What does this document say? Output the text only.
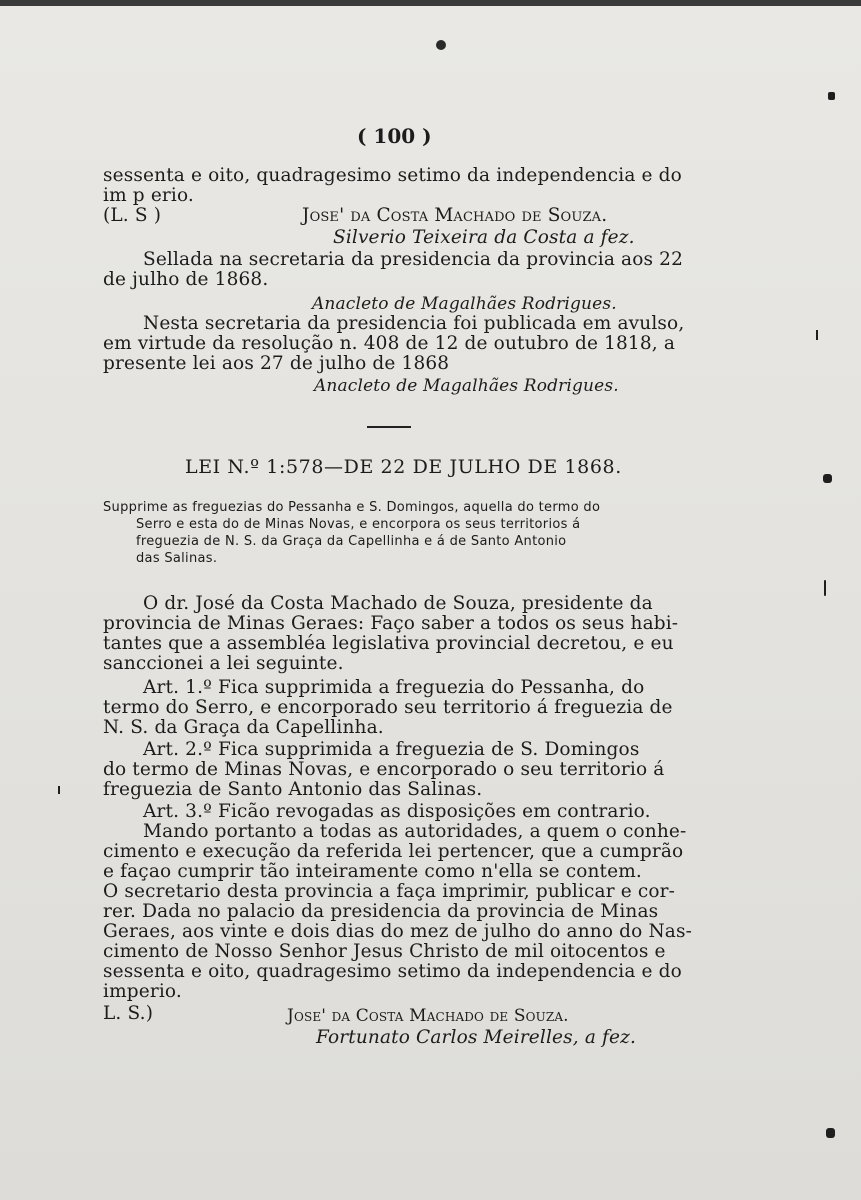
( 100 )
sessenta e oito, quadragesimo setimo da independencia e do
im p erio.
(L. S )	Jose' da Costa Machado de Souza.
Silverio Teixeira da Costa a fez.
Sellada na secretaria da presidencia da provincia aos 22
de julho de 1868.
Anacleto de Magalhães Rodrigues.
Nesta secretaria da presidencia foi publicada em avulso,
em virtude da resolução n. 408 de 12 de outubro de 1818, a
presente lei aos 27 de julho de 1868
Anacleto de Magalhães Rodrigues.
LEI N.º 1:578—DE 22 DE JULHO DE 1868.
Supprime as freguezias do Pessanha e S. Domingos, aquella do termo do
Serro e esta do de Minas Novas, e encorpora os seus territorios á
freguezia de N. S. da Graça da Capellinha e á de Santo Antonio
das Salinas.
O dr. José da Costa Machado de Souza, presidente da
provincia de Minas Geraes: Faço saber a todos os seus habi-
tantes que a assembléa legislativa provincial decretou, e eu
sanccionei a lei seguinte.
Art. 1.º Fica supprimida a freguezia do Pessanha, do
termo do Serro, e encorporado seu territorio á freguezia de
N. S. da Graça da Capellinha.
Art. 2.º Fica supprimida a freguezia de S. Domingos
do termo de Minas Novas, e encorporado o seu territorio á
freguezia de Santo Antonio das Salinas.
Art. 3.º Ficão revogadas as disposições em contrario.
Mando portanto a todas as autoridades, a quem o conhe-
cimento e execução da referida lei pertencer, que a cumprão
e façao cumprir tão inteiramente como n'ella se contem.
O secretario desta provincia a faça imprimir, publicar e cor-
rer. Dada no palacio da presidencia da provincia de Minas
Geraes, aos vinte e dois dias do mez de julho do anno do Nas-
cimento de Nosso Senhor Jesus Christo de mil oitocentos e
sessenta e oito, quadragesimo setimo da independencia e do
imperio.
L. S.)	Jose' da Costa Machado de Souza.
Fortunato Carlos Meirelles, a fez.
